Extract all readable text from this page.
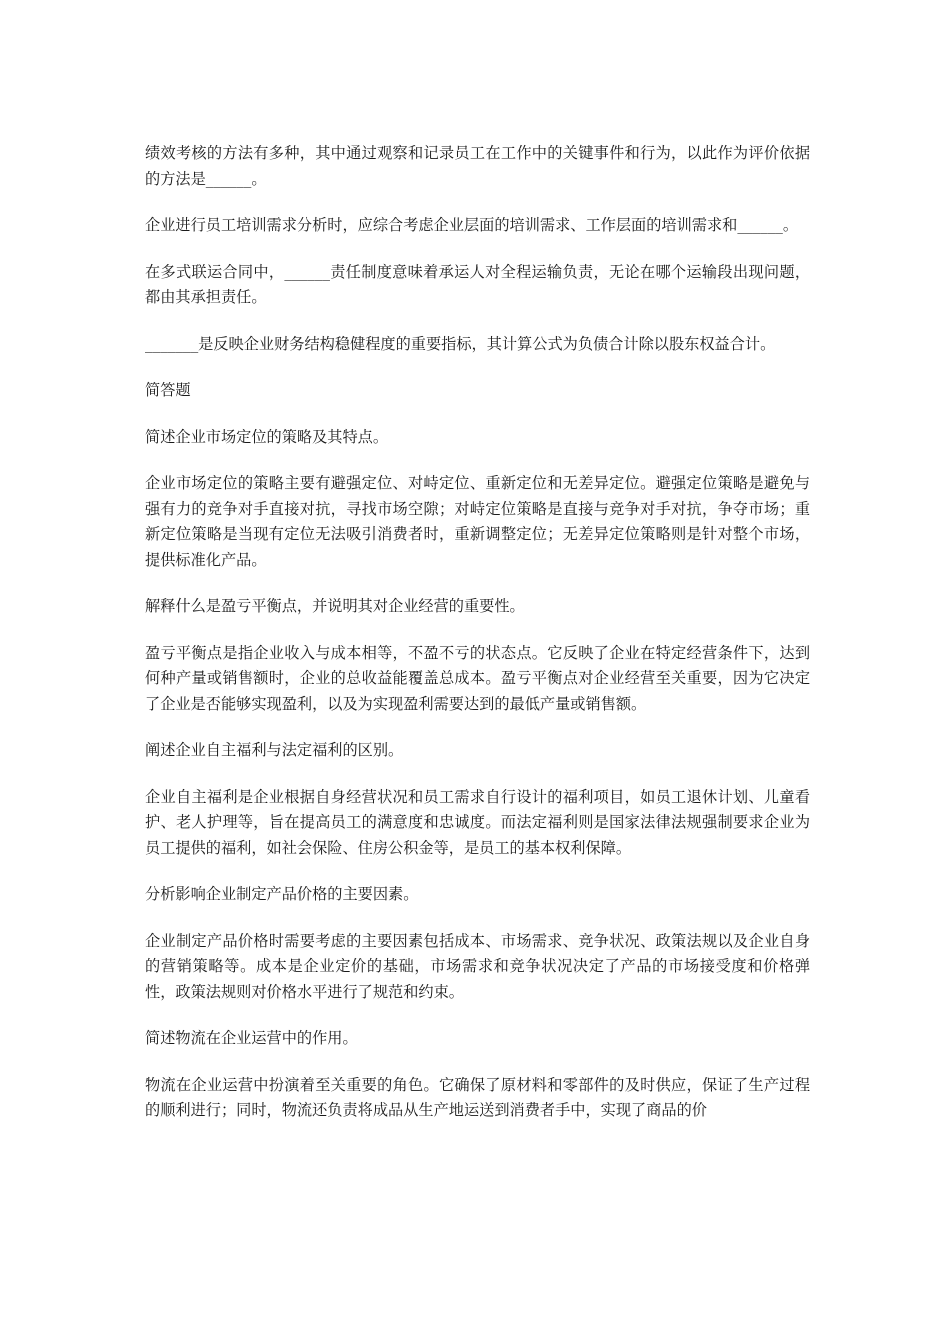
绩效考核的方法有多种，其中通过观察和记录员工在工作中的关键事件和行为，以此作为评价依据的方法是______。

企业进行员工培训需求分析时，应综合考虑企业层面的培训需求、工作层面的培训需求和______。

在多式联运合同中，______责任制度意味着承运人对全程运输负责，无论在哪个运输段出现问题，都由其承担责任。

_______是反映企业财务结构稳健程度的重要指标，其计算公式为负债合计除以股东权益合计。

简答题

简述企业市场定位的策略及其特点。

企业市场定位的策略主要有避强定位、对峙定位、重新定位和无差异定位。避强定位策略是避免与强有力的竞争对手直接对抗，寻找市场空隙；对峙定位策略是直接与竞争对手对抗，争夺市场；重新定位策略是当现有定位无法吸引消费者时，重新调整定位；无差异定位策略则是针对整个市场，提供标准化产品。

解释什么是盈亏平衡点，并说明其对企业经营的重要性。

盈亏平衡点是指企业收入与成本相等，不盈不亏的状态点。它反映了企业在特定经营条件下，达到何种产量或销售额时，企业的总收益能覆盖总成本。盈亏平衡点对企业经营至关重要，因为它决定了企业是否能够实现盈利，以及为实现盈利需要达到的最低产量或销售额。

阐述企业自主福利与法定福利的区别。

企业自主福利是企业根据自身经营状况和员工需求自行设计的福利项目，如员工退休计划、儿童看护、老人护理等，旨在提高员工的满意度和忠诚度。而法定福利则是国家法律法规强制要求企业为员工提供的福利，如社会保险、住房公积金等，是员工的基本权利保障。

分析影响企业制定产品价格的主要因素。

企业制定产品价格时需要考虑的主要因素包括成本、市场需求、竞争状况、政策法规以及企业自身的营销策略等。成本是企业定价的基础，市场需求和竞争状况决定了产品的市场接受度和价格弹性，政策法规则对价格水平进行了规范和约束。

简述物流在企业运营中的作用。

物流在企业运营中扮演着至关重要的角色。它确保了原材料和零部件的及时供应，保证了生产过程的顺利进行；同时，物流还负责将成品从生产地运送到消费者手中，实现了商品的价
